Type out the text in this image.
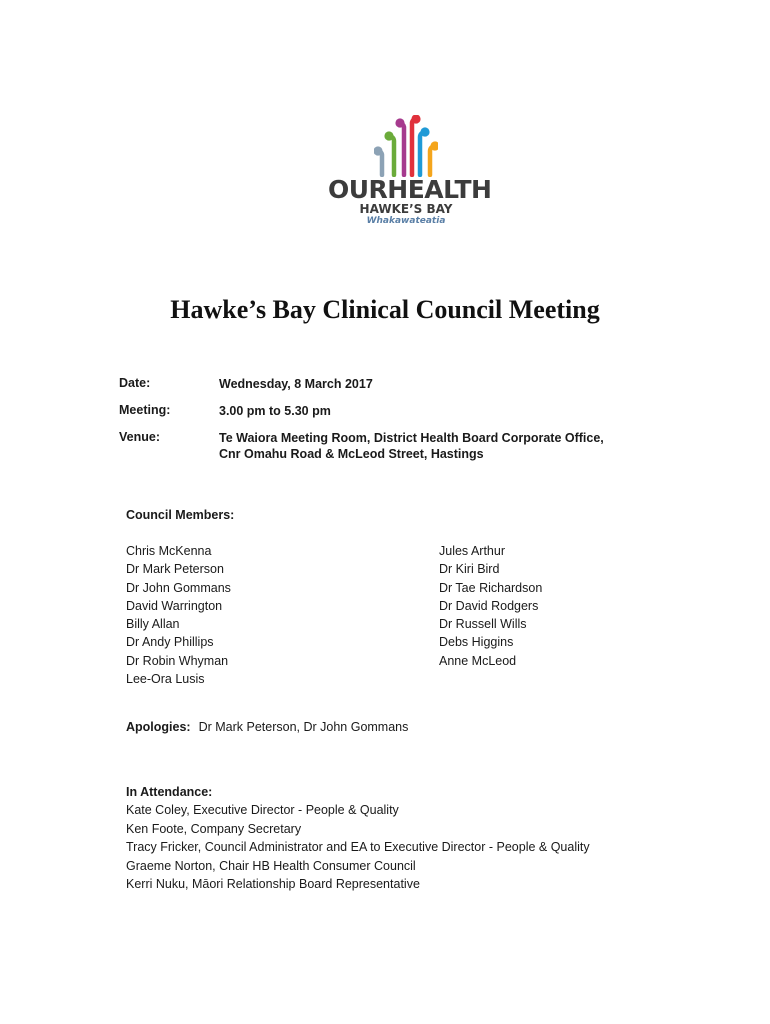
OURHEALTH
HAWKE’S BAY
Whakawateatia
Hawke’s Bay Clinical Council Meeting
Date:	Wednesday, 8 March 2017
Meeting:	3.00 pm to 5.30 pm
Venue:	Te Waiora Meeting Room, District Health Board Corporate Office,
Cnr Omahu Road & McLeod Street, Hastings
Council Members:
Chris McKenna
Dr Mark Peterson
Dr John Gommans
David Warrington
Billy Allan
Dr Andy Phillips
Dr Robin Whyman
Lee-Ora Lusis
Jules Arthur
Dr Kiri Bird
Dr Tae Richardson
Dr David Rodgers
Dr Russell Wills
Debs Higgins
Anne McLeod
Apologies: Dr Mark Peterson, Dr John Gommans
In Attendance:
Kate Coley, Executive Director - People & Quality
Ken Foote, Company Secretary
Tracy Fricker, Council Administrator and EA to Executive Director - People & Quality
Graeme Norton, Chair HB Health Consumer Council
Kerri Nuku, Māori Relationship Board Representative
